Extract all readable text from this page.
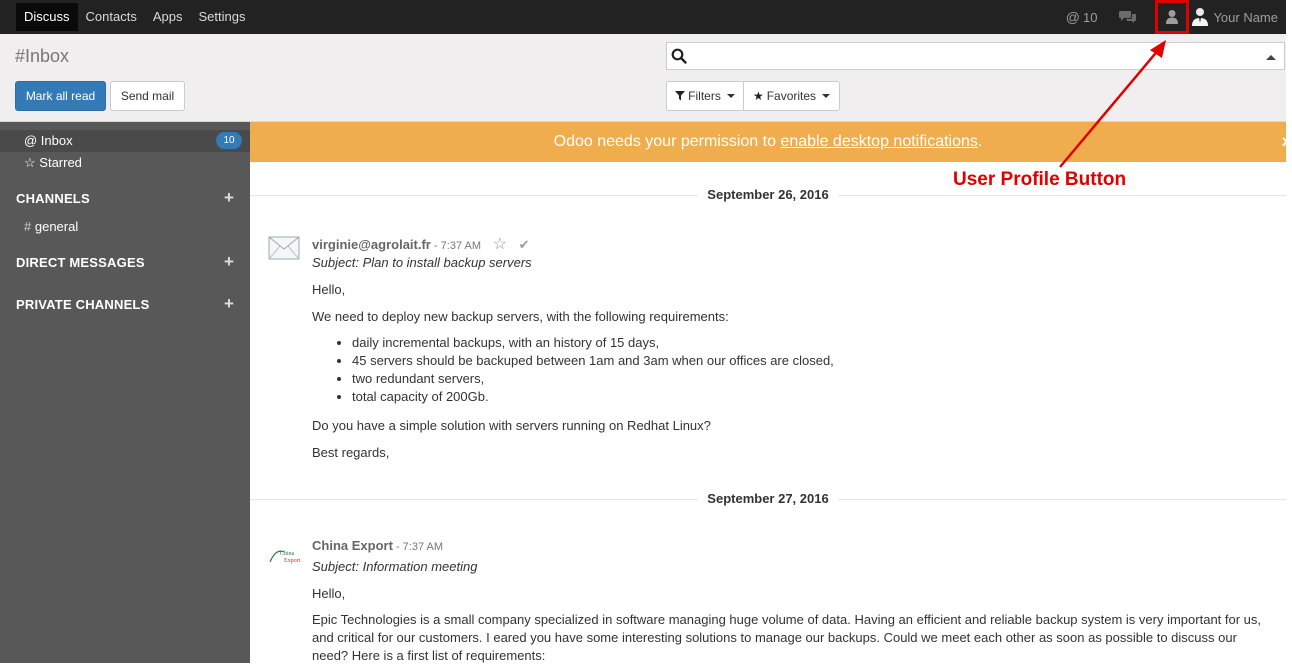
Discuss	Contacts	Apps	Settings	@ 10	Your Name
#Inbox
Mark all read	Send mail	Filters	★ Favorites
@ Inbox	10
☆ Starred
CHANNELS	+
# general
DIRECT MESSAGES	+
PRIVATE CHANNELS	+
Odoo needs your permission to enable desktop notifications.	×
September 26, 2016
virginie@agrolait.fr - 7:37 AM ☆ ✔
Subject: Plan to install backup servers
Hello,
We need to deploy new backup servers, with the following requirements:
• daily incremental backups, with an history of 15 days,
• 45 servers should be backuped between 1am and 3am when our offices are closed,
• two redundant servers,
• total capacity of 200Gb.
Do you have a simple solution with servers running on Redhat Linux?
Best regards,
September 27, 2016
China
Export
China Export - 7:37 AM
Subject: Information meeting
Hello,
Epic Technologies is a small company specialized in software managing huge volume of data. Having an efficient and reliable backup system is very important for us,
and critical for our customers. I eared you have some interesting solutions to manage our backups. Could we meet each other as soon as possible to discuss our
need? Here is a first list of requirements:
User Profile Button
